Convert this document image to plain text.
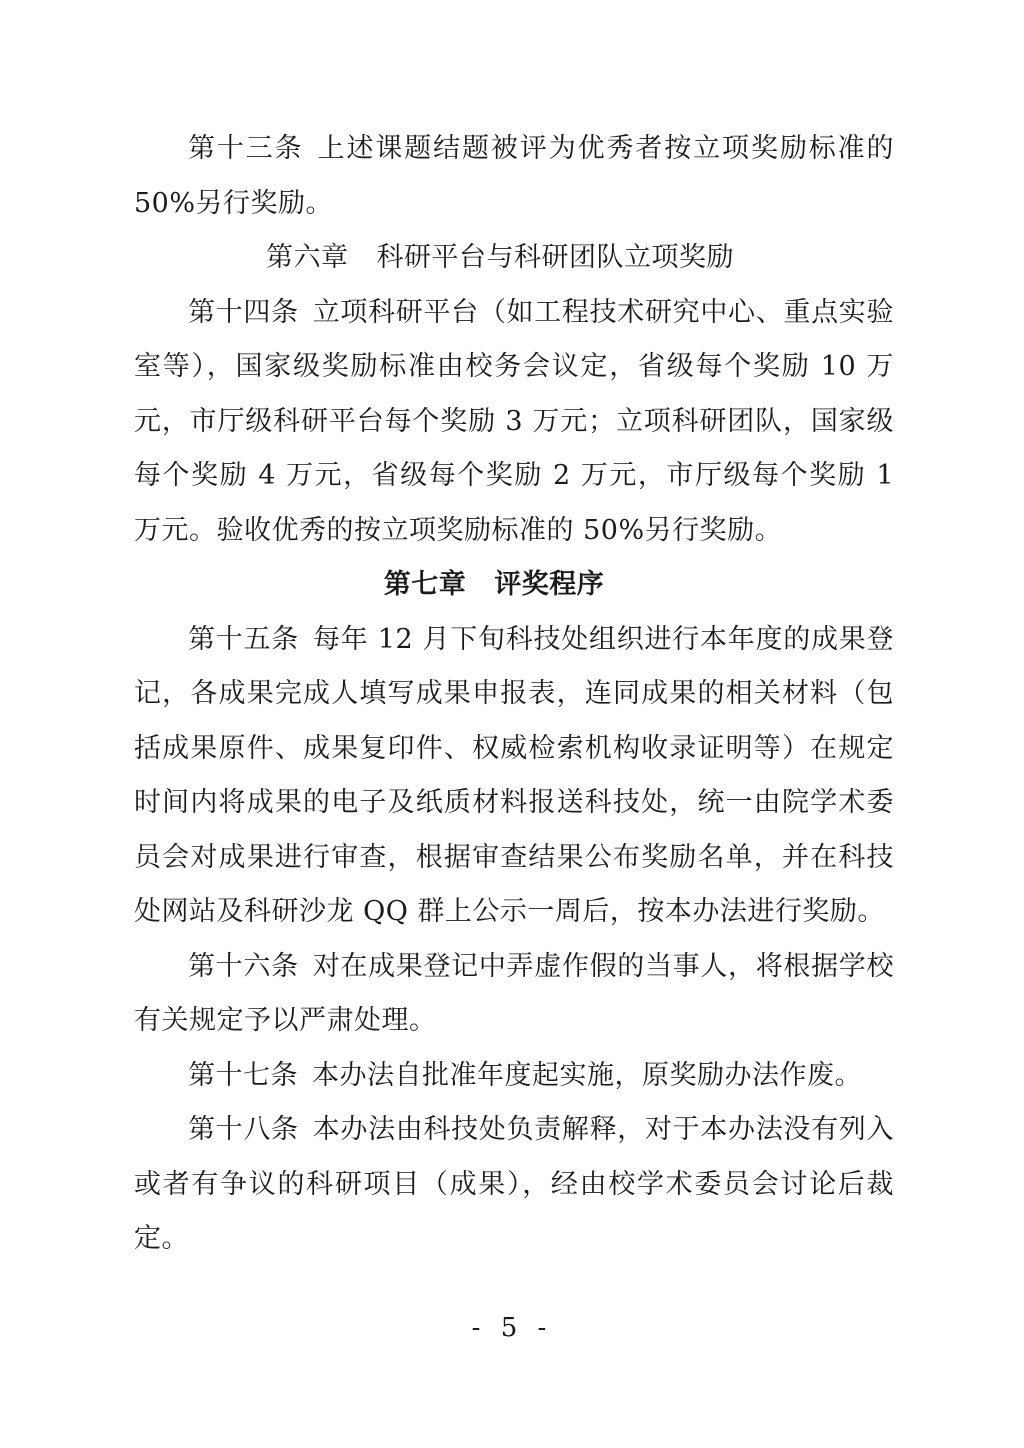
第十三条 上述课题结题被评为优秀者按立项奖励标准的50%另行奖励。

第六章 科研平台与科研团队立项奖励

第十四条 立项科研平台（如工程技术研究中心、重点实验室等），国家级奖励标准由校务会议定，省级每个奖励 10 万元，市厅级科研平台每个奖励 3 万元；立项科研团队，国家级每个奖励 4 万元，省级每个奖励 2 万元，市厅级每个奖励 1 万元。验收优秀的按立项奖励标准的 50%另行奖励。

第七章 评奖程序

第十五条 每年 12 月下旬科技处组织进行本年度的成果登记，各成果完成人填写成果申报表，连同成果的相关材料（包括成果原件、成果复印件、权威检索机构收录证明等）在规定时间内将成果的电子及纸质材料报送科技处，统一由院学术委员会对成果进行审查，根据审查结果公布奖励名单，并在科技处网站及科研沙龙 QQ 群上公示一周后，按本办法进行奖励。

第十六条 对在成果登记中弄虚作假的当事人，将根据学校有关规定予以严肃处理。

第十七条 本办法自批准年度起实施，原奖励办法作废。

第十八条 本办法由科技处负责解释，对于本办法没有列入或者有争议的科研项目（成果），经由校学术委员会讨论后裁定。

- 5 -
